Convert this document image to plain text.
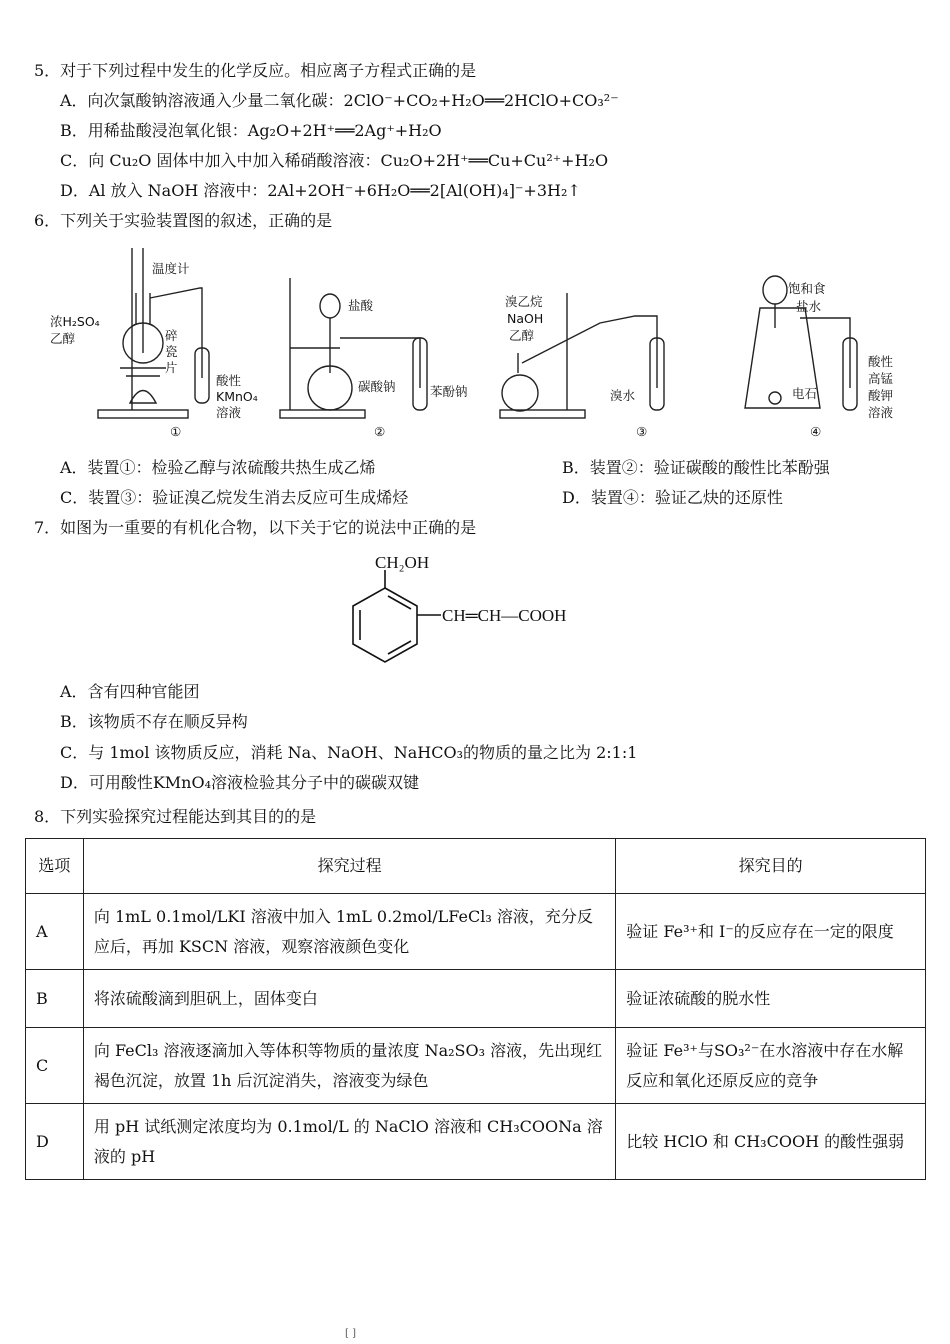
5．对于下列过程中发生的化学反应。相应离子方程式正确的是
A．向次氯酸钠溶液通入少量二氧化碳：2ClO⁻+CO₂+H₂O══2HClO+CO₃²⁻
B．用稀盐酸浸泡氧化银：Ag₂O+2H⁺══2Ag⁺+H₂O
C．向 Cu₂O 固体中加入中加入稀硝酸溶液：Cu₂O+2H⁺══Cu+Cu²⁺+H₂O
D．Al 放入 NaOH 溶液中：2Al+2OH⁻+6H₂O══2[Al(OH)₄]⁻+3H₂↑
6．下列关于实验装置图的叙述，正确的是
温度计
浓H₂SO₄
乙醇	碎
瓷
片
酸性
KMnO₄
溶液
①
盐酸
碳酸钠	苯酚钠
②
溴乙烷
NaOH
乙醇
溴水
③
饱和食
盐水
电石
酸性
高锰
酸钾
溶液
④
A．装置①：检验乙醇与浓硫酸共热生成乙烯	B．装置②：验证碳酸的酸性比苯酚强
C．装置③：验证溴乙烷发生消去反应可生成烯烃	D．装置④：验证乙炔的还原性
7．如图为一重要的有机化合物，以下关于它的说法中正确的是
CH₂OH
CH═CH—COOH
A．含有四种官能团
B．该物质不存在顺反异构
C．与 1mol 该物质反应，消耗 Na、NaOH、NaHCO₃的物质的量之比为 2:1:1
D．可用酸性KMnO₄溶液检验其分子中的碳碳双键
8．下列实验探究过程能达到其目的的是
选项	探究过程	探究目的
A	向 1mL 0.1mol/LKI 溶液中加入 1mL 0.2mol/LFeCl₃ 溶液，充分反应后，再加 KSCN 溶液，观察溶液颜色变化	验证 Fe³⁺和 I⁻的反应存在一定的限度
B	将浓硫酸滴到胆矾上，固体变白	验证浓硫酸的脱水性
C	向 FeCl₃ 溶液逐滴加入等体积等物质的量浓度 Na₂SO₃ 溶液，先出现红褐色沉淀，放置 1h 后沉淀消失，溶液变为绿色	验证 Fe³⁺与SO₃²⁻在水溶液中存在水解反应和氧化还原反应的竞争
D	用 pH 试纸测定浓度均为 0.1mol/L 的 NaClO 溶液和 CH₃COONa 溶液的 pH	比较 HClO 和 CH₃COOH 的酸性强弱
[ ]
